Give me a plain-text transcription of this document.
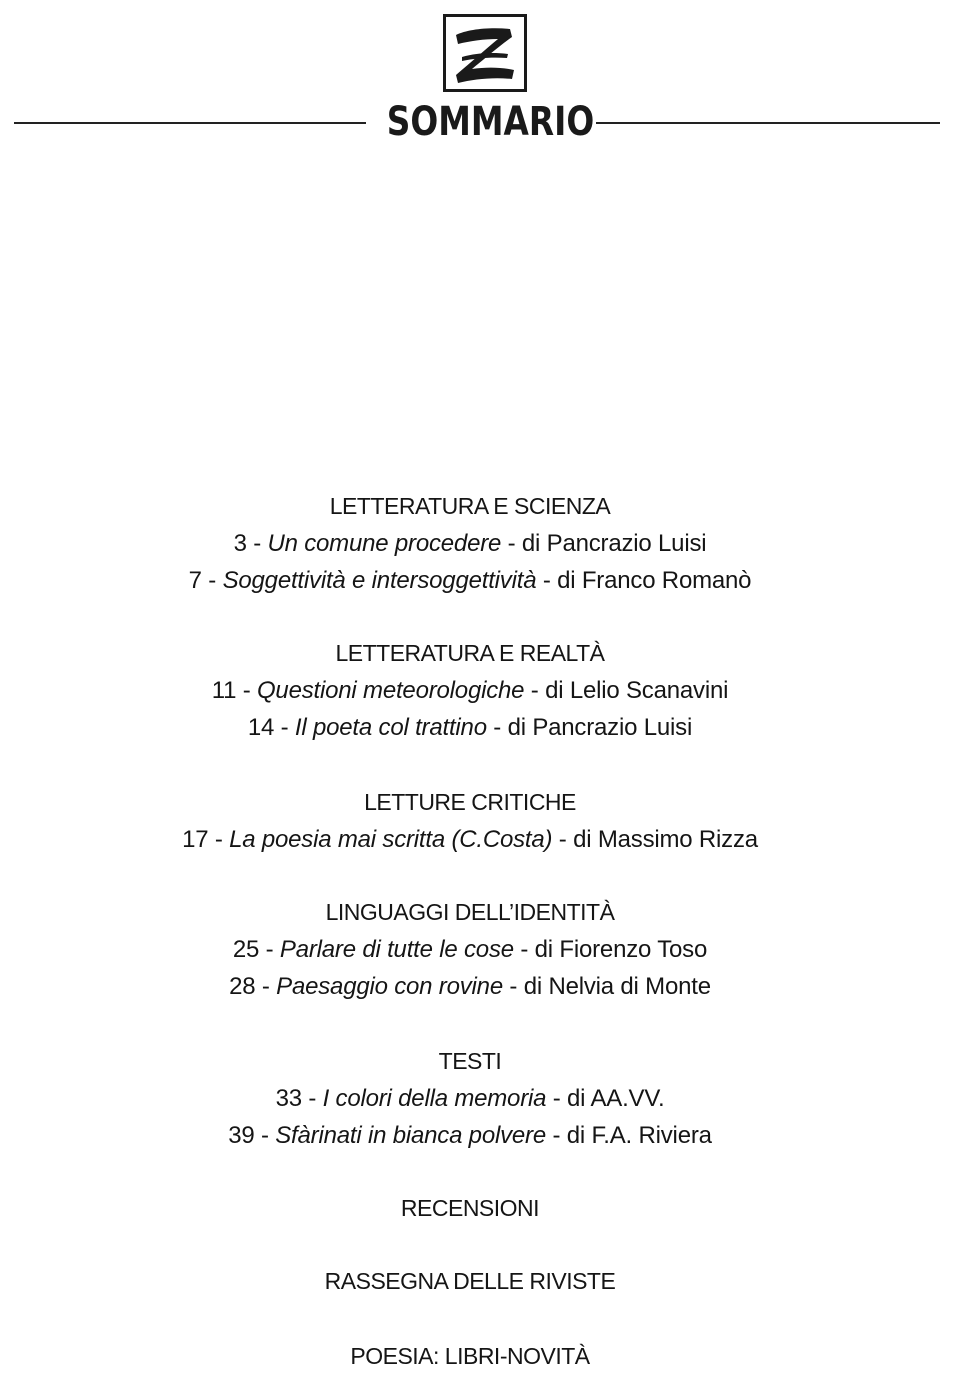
SOMMARIO
LETTERATURA E SCIENZA
3 - Un comune procedere - di Pancrazio Luisi
7 - Soggettività e intersoggettività - di Franco Romanò
LETTERATURA E REALTÀ
11 - Questioni meteorologiche - di Lelio Scanavini
14 - Il poeta col trattino - di Pancrazio Luisi
LETTURE CRITICHE
17 - La poesia mai scritta (C.Costa) - di Massimo Rizza
LINGUAGGI DELL’IDENTITÀ
25 - Parlare di tutte le cose - di Fiorenzo Toso
28 - Paesaggio con rovine - di Nelvia di Monte
TESTI
33 - I colori della memoria - di AA.VV.
39 - Sfàrinati in bianca polvere - di F.A. Riviera
RECENSIONI
RASSEGNA DELLE RIVISTE
POESIA: LIBRI-NOVITÀ
